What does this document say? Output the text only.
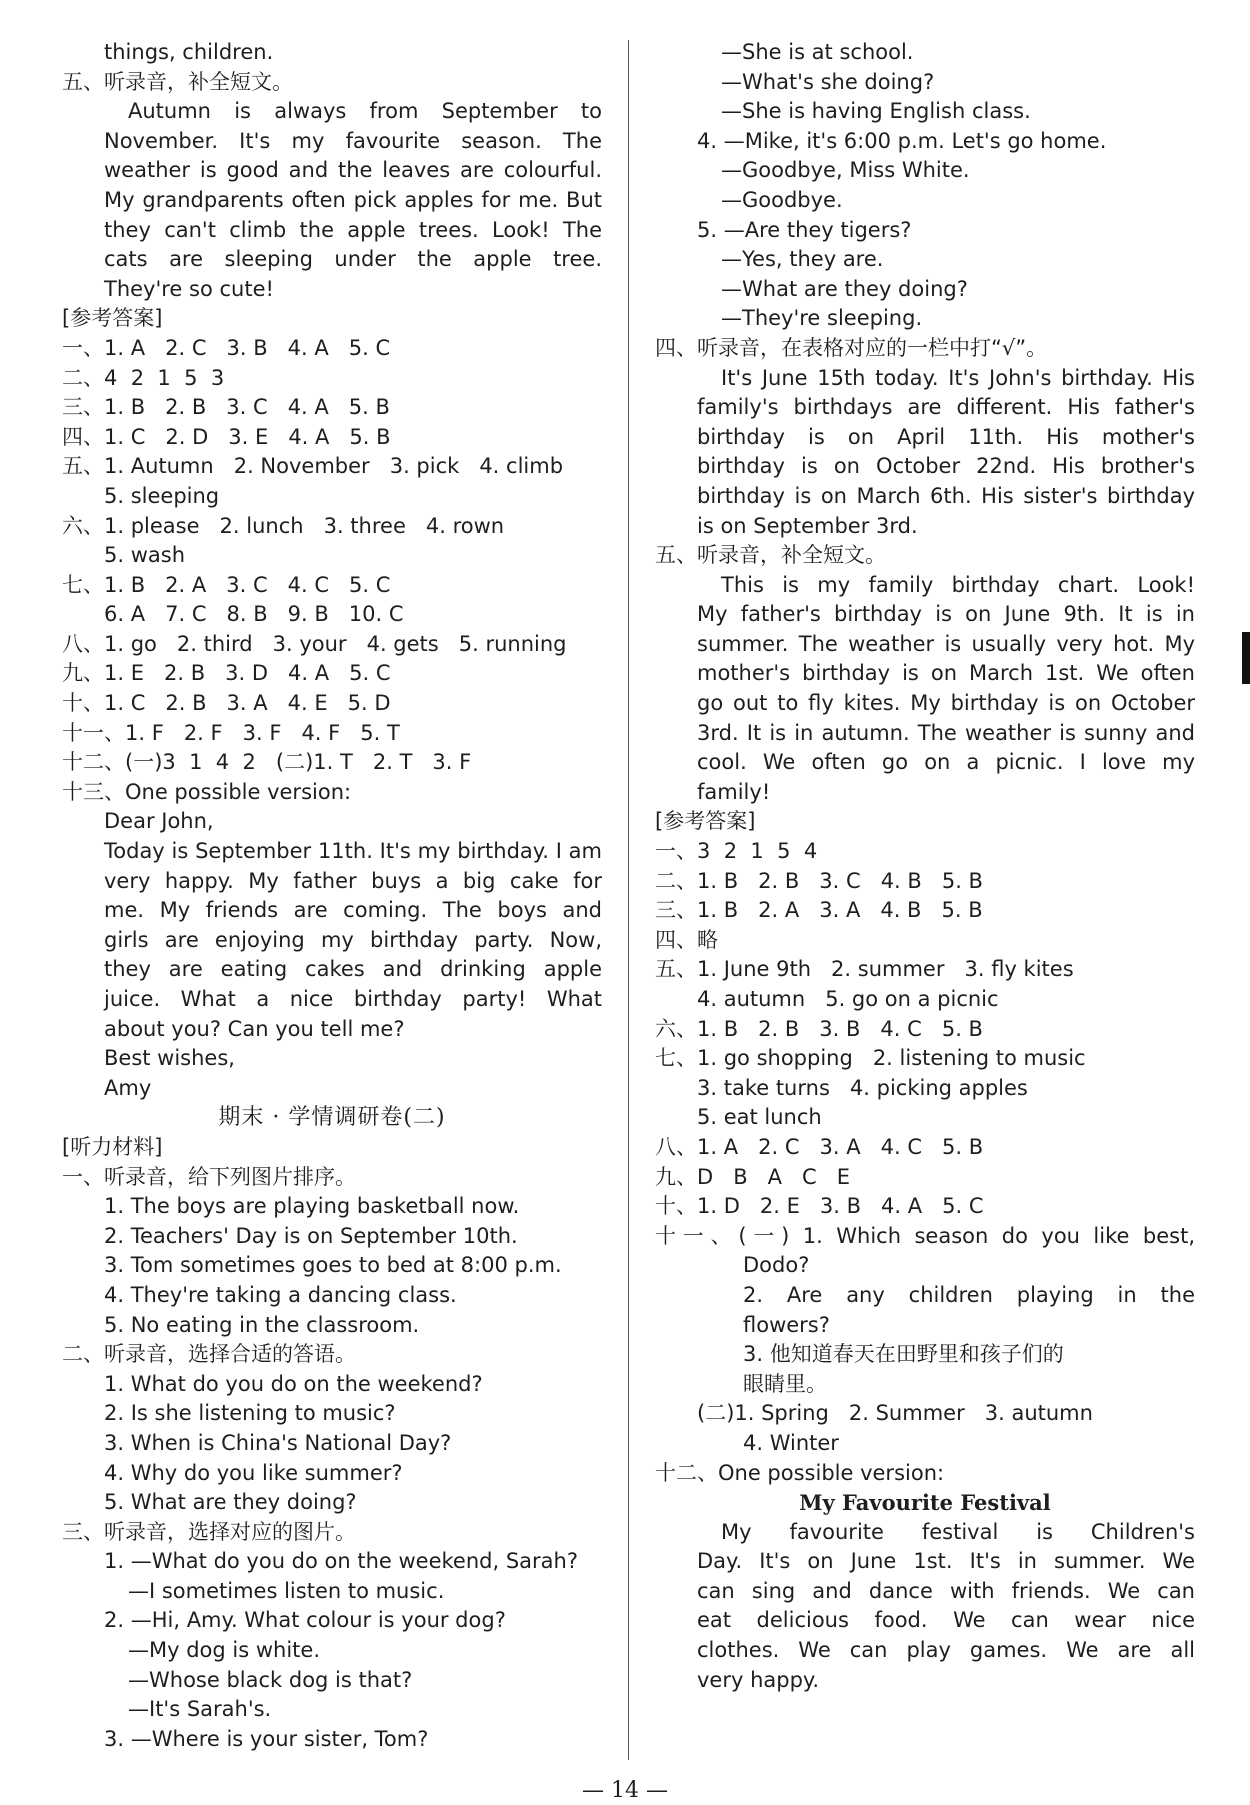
things, children.
五、听录音，补全短文。
Autumn is always from September to
November. It's my favourite season. The
weather is good and the leaves are colourful.
My grandparents often pick apples for me. But
they can't climb the apple trees. Look! The
cats are sleeping under the apple tree.
They're so cute!
[参考答案]
一、1. A   2. C   3. B   4. A   5. C
二、4  2  1  5  3
三、1. B   2. B   3. C   4. A   5. B
四、1. C   2. D   3. E   4. A   5. B
五、1. Autumn   2. November   3. pick   4. climb
5. sleeping
六、1. please   2. lunch   3. three   4. rown
5. wash
七、1. B   2. A   3. C   4. C   5. C
6. A   7. C   8. B   9. B   10. C
八、1. go   2. third   3. your   4. gets   5. running
九、1. E   2. B   3. D   4. A   5. C
十、1. C   2. B   3. A   4. E   5. D
十一、1. F   2. F   3. F   4. F   5. T
十二、(一)3  1  4  2   (二)1. T   2. T   3. F
十三、One possible version:
Dear John,
Today is September 11th. It's my birthday. I am
very happy. My father buys a big cake for
me. My friends are coming. The boys and
girls are enjoying my birthday party. Now,
they are eating cakes and drinking apple
juice. What a nice birthday party! What
about you? Can you tell me?
Best wishes,
Amy
期末 · 学情调研卷(二)
[听力材料]
一、听录音，给下列图片排序。
1. The boys are playing basketball now.
2. Teachers' Day is on September 10th.
3. Tom sometimes goes to bed at 8:00 p.m.
4. They're taking a dancing class.
5. No eating in the classroom.
二、听录音，选择合适的答语。
1. What do you do on the weekend?
2. Is she listening to music?
3. When is China's National Day?
4. Why do you like summer?
5. What are they doing?
三、听录音，选择对应的图片。
1. —What do you do on the weekend, Sarah?
—I sometimes listen to music.
2. —Hi, Amy. What colour is your dog?
—My dog is white.
—Whose black dog is that?
—It's Sarah's.
3. —Where is your sister, Tom?
—She is at school.
—What's she doing?
—She is having English class.
4. —Mike, it's 6:00 p.m. Let's go home.
—Goodbye, Miss White.
—Goodbye.
5. —Are they tigers?
—Yes, they are.
—What are they doing?
—They're sleeping.
四、听录音，在表格对应的一栏中打“√”。
It's June 15th today. It's John's birthday. His
family's birthdays are different. His father's
birthday is on April 11th. His mother's
birthday is on October 22nd. His brother's
birthday is on March 6th. His sister's birthday
is on September 3rd.
五、听录音，补全短文。
This is my family birthday chart. Look!
My father's birthday is on June 9th. It is in
summer. The weather is usually very hot. My
mother's birthday is on March 1st. We often
go out to fly kites. My birthday is on October
3rd. It is in autumn. The weather is sunny and
cool. We often go on a picnic. I love my
family!
[参考答案]
一、3  2  1  5  4
二、1. B   2. B   3. C   4. B   5. B
三、1. B   2. A   3. A   4. B   5. B
四、略
五、1. June 9th   2. summer   3. fly kites
4. autumn   5. go on a picnic
六、1. B   2. B   3. B   4. C   5. B
七、1. go shopping   2. listening to music
3. take turns   4. picking apples
5. eat lunch
八、1. A   2. C   3. A   4. C   5. B
九、D   B   A   C   E
十、1. D   2. E   3. B   4. A   5. C
十一、(一) 1. Which season do you like best,
Dodo?
2. Are any children playing in the
flowers?
3. 他知道春天在田野里和孩子们的
眼睛里。
(二)1. Spring   2. Summer   3. autumn
4. Winter
十二、One possible version:
My Favourite Festival
My favourite festival is Children's
Day. It's on June 1st. It's in summer. We
can sing and dance with friends. We can
eat delicious food. We can wear nice
clothes. We can play games. We are all
very happy.
— 14 —
